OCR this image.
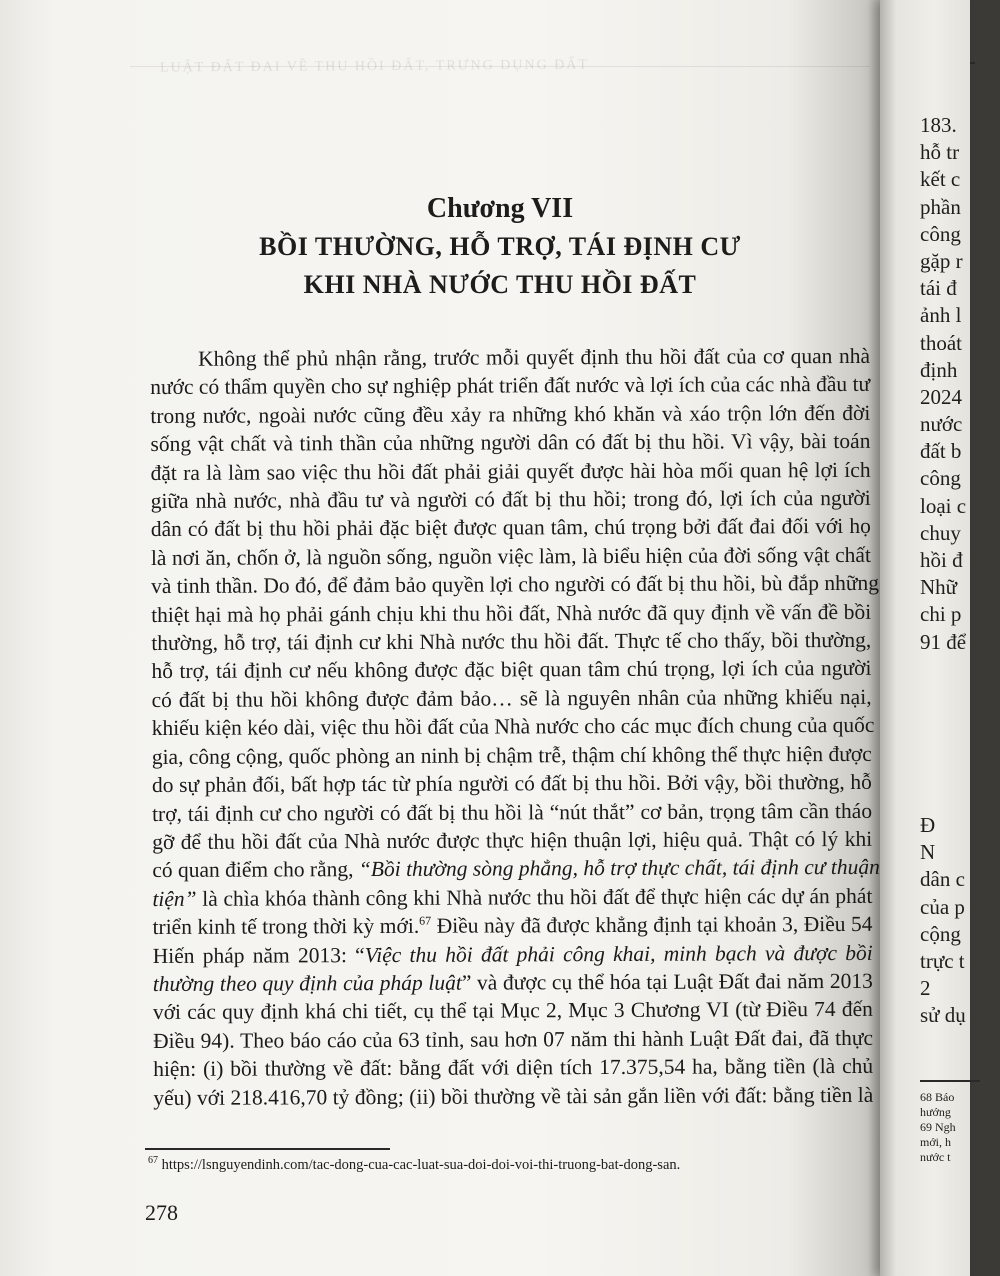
LUẬT ĐẤT ĐAI VỀ THU HỒI ĐẤT, TRƯNG DỤNG ĐẤT
Chương VII
BỒI THƯỜNG, HỖ TRỢ, TÁI ĐỊNH CƯ
KHI NHÀ NƯỚC THU HỒI ĐẤT
Không thể phủ nhận rằng, trước mỗi quyết định thu hồi đất của cơ quan nhà
nước có thẩm quyền cho sự nghiệp phát triển đất nước và lợi ích của các nhà đầu tư
trong nước, ngoài nước cũng đều xảy ra những khó khăn và xáo trộn lớn đến đời
sống vật chất và tinh thần của những người dân có đất bị thu hồi. Vì vậy, bài toán
đặt ra là làm sao việc thu hồi đất phải giải quyết được hài hòa mối quan hệ lợi ích
giữa nhà nước, nhà đầu tư và người có đất bị thu hồi; trong đó, lợi ích của người
dân có đất bị thu hồi phải đặc biệt được quan tâm, chú trọng bởi đất đai đối với họ
là nơi ăn, chốn ở, là nguồn sống, nguồn việc làm, là biểu hiện của đời sống vật chất
và tinh thần. Do đó, để đảm bảo quyền lợi cho người có đất bị thu hồi, bù đắp những
thiệt hại mà họ phải gánh chịu khi thu hồi đất, Nhà nước đã quy định về vấn đề bồi
thường, hỗ trợ, tái định cư khi Nhà nước thu hồi đất. Thực tế cho thấy, bồi thường,
hỗ trợ, tái định cư nếu không được đặc biệt quan tâm chú trọng, lợi ích của người
có đất bị thu hồi không được đảm bảo… sẽ là nguyên nhân của những khiếu nại,
khiếu kiện kéo dài, việc thu hồi đất của Nhà nước cho các mục đích chung của quốc
gia, công cộng, quốc phòng an ninh bị chậm trễ, thậm chí không thể thực hiện được
do sự phản đối, bất hợp tác từ phía người có đất bị thu hồi. Bởi vậy, bồi thường, hỗ
trợ, tái định cư cho người có đất bị thu hồi là “nút thắt” cơ bản, trọng tâm cần tháo
gỡ để thu hồi đất của Nhà nước được thực hiện thuận lợi, hiệu quả. Thật có lý khi
có quan điểm cho rằng, “Bồi thường sòng phẳng, hỗ trợ thực chất, tái định cư thuận
tiện” là chìa khóa thành công khi Nhà nước thu hồi đất để thực hiện các dự án phát
triển kinh tế trong thời kỳ mới.$^{67}$ Điều này đã được khẳng định tại khoản 3, Điều 54
Hiến pháp năm 2013: “Việc thu hồi đất phải công khai, minh bạch và được bồi
thường theo quy định của pháp luật” và được cụ thể hóa tại Luật Đất đai năm 2013
với các quy định khá chi tiết, cụ thể tại Mục 2, Mục 3 Chương VI (từ Điều 74 đến
Điều 94). Theo báo cáo của 63 tỉnh, sau hơn 07 năm thi hành Luật Đất đai, đã thực
hiện: (i) bồi thường về đất: bằng đất với diện tích 17.375,54 ha, bằng tiền (là chủ
yếu) với 218.416,70 tỷ đồng; (ii) bồi thường về tài sản gắn liền với đất: bằng tiền là
$^{67}$ https://lsnguyendinh.com/tac-dong-cua-cac-luat-sua-doi-doi-voi-thi-truong-bat-dong-san.
278
183.
hỗ tr
kết c
phần
công
gặp r
tái đ
ảnh l
thoát
định
2024
nước
đất b
công
loại c
chuy
hồi đ
Nhữ
chi p
91 để
Đ
N
dân c
của p
cộng
trực t
2
sử dụ
68 Báo
hướng
69 Ngh
mới, h
nước t
